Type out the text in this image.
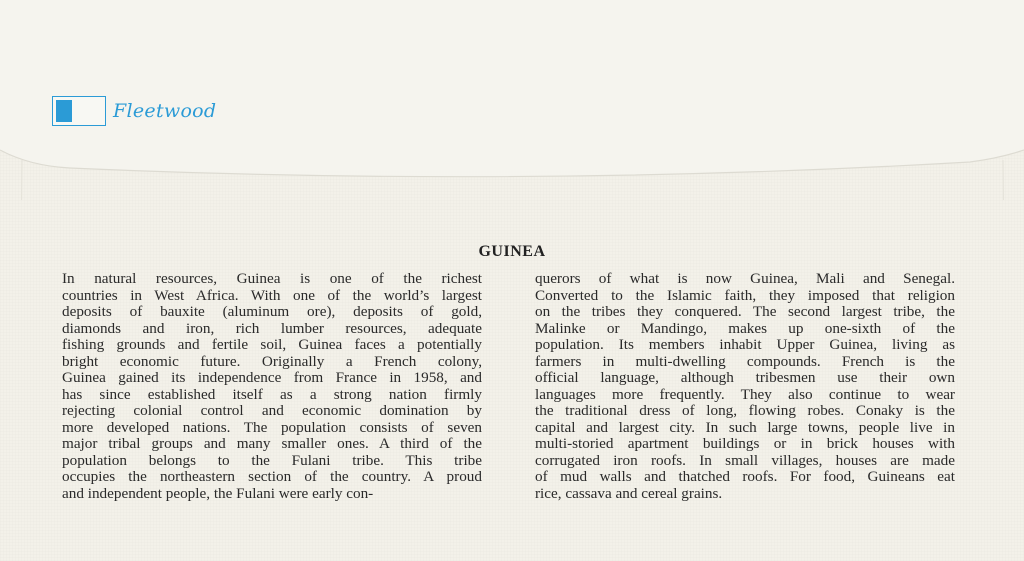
Fleetwood
GUINEA
In natural resources, Guinea is one of the richest
countries in West Africa. With one of the world’s largest
deposits of bauxite (aluminum ore), deposits of gold,
diamonds and iron, rich lumber resources, adequate
fishing grounds and fertile soil, Guinea faces a potentially
bright economic future. Originally a French colony,
Guinea gained its independence from France in 1958, and
has since established itself as a strong nation firmly
rejecting colonial control and economic domination by
more developed nations. The population consists of seven
major tribal groups and many smaller ones. A third of the
population belongs to the Fulani tribe. This tribe
occupies the northeastern section of the country. A proud
and independent people, the Fulani were early con-
querors of what is now Guinea, Mali and Senegal.
Converted to the Islamic faith, they imposed that religion
on the tribes they conquered. The second largest tribe, the
Malinke or Mandingo, makes up one-sixth of the
population. Its members inhabit Upper Guinea, living as
farmers in multi-dwelling compounds. French is the
official language, although tribesmen use their own
languages more frequently. They also continue to wear
the traditional dress of long, flowing robes. Conaky is the
capital and largest city. In such large towns, people live in
multi-storied apartment buildings or in brick houses with
corrugated iron roofs. In small villages, houses are made
of mud walls and thatched roofs. For food, Guineans eat
rice, cassava and cereal grains.
